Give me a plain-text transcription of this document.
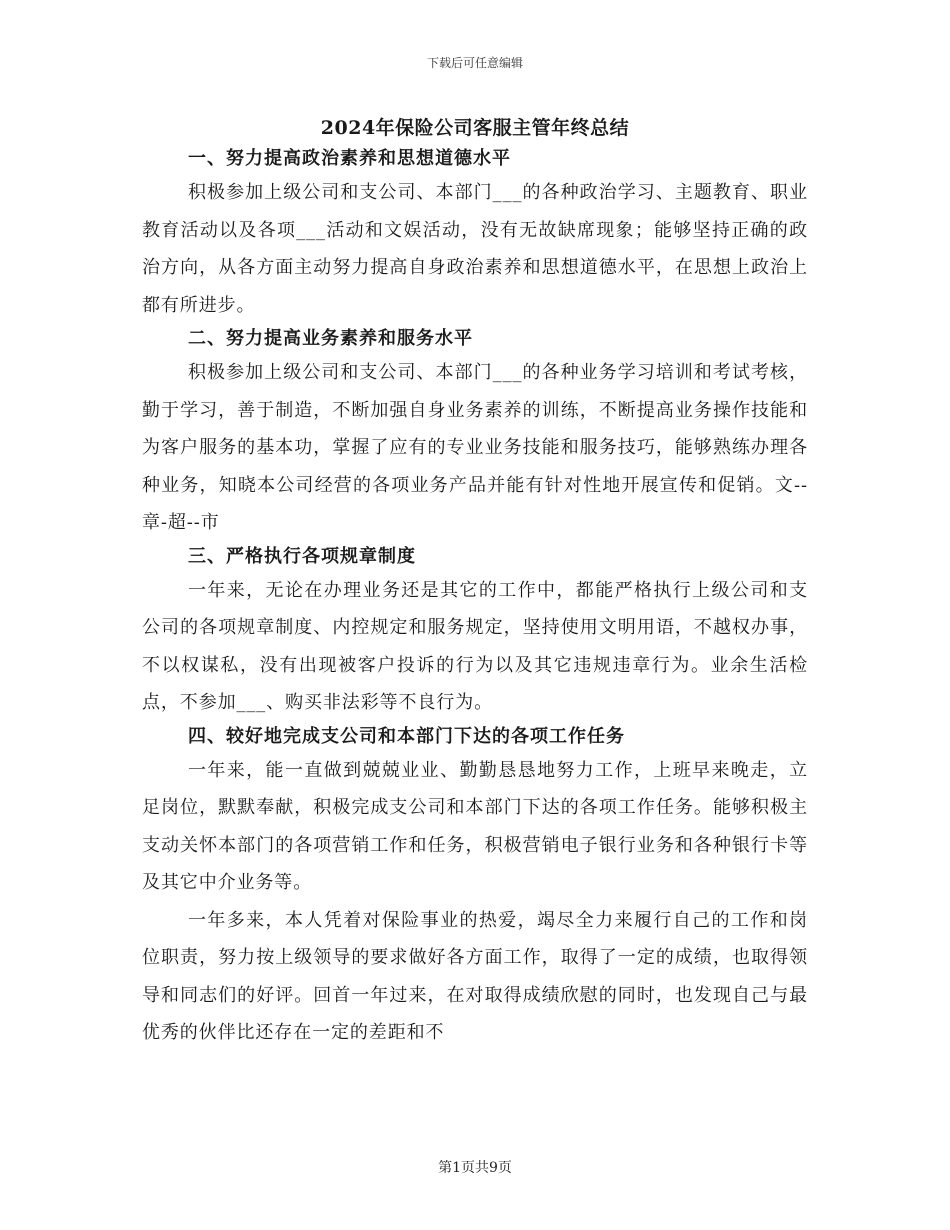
下载后可任意编辑
2024年保险公司客服主管年终总结
一、努力提高政治素养和思想道德水平

积极参加上级公司和支公司、本部门___的各种政治学习、主题教育、职业教育活动以及各项___活动和文娱活动，没有无故缺席现象；能够坚持正确的政治方向，从各方面主动努力提高自身政治素养和思想道德水平，在思想上政治上都有所进步。

二、努力提高业务素养和服务水平

积极参加上级公司和支公司、本部门___的各种业务学习培训和考试考核，勤于学习，善于制造，不断加强自身业务素养的训练，不断提高业务操作技能和为客户服务的基本功，掌握了应有的专业业务技能和服务技巧，能够熟练办理各种业务，知晓本公司经营的各项业务产品并能有针对性地开展宣传和促销。文--章-超--市

三、严格执行各项规章制度

一年来，无论在办理业务还是其它的工作中，都能严格执行上级公司和支公司的各项规章制度、内控规定和服务规定，坚持使用文明用语，不越权办事，不以权谋私，没有出现被客户投诉的行为以及其它违规违章行为。业余生活检点，不参加___、购买非法彩等不良行为。

四、较好地完成支公司和本部门下达的各项工作任务

一年来，能一直做到兢兢业业、勤勤恳恳地努力工作，上班早来晚走，立足岗位，默默奉献，积极完成支公司和本部门下达的各项工作任务。能够积极主支动关怀本部门的各项营销工作和任务，积极营销电子银行业务和各种银行卡等及其它中介业务等。

一年多来，本人凭着对保险事业的热爱，竭尽全力来履行自己的工作和岗位职责，努力按上级领导的要求做好各方面工作，取得了一定的成绩，也取得领导和同志们的好评。回首一年过来，在对取得成绩欣慰的同时，也发现自己与最优秀的伙伴比还存在一定的差距和不

第1页共9页
